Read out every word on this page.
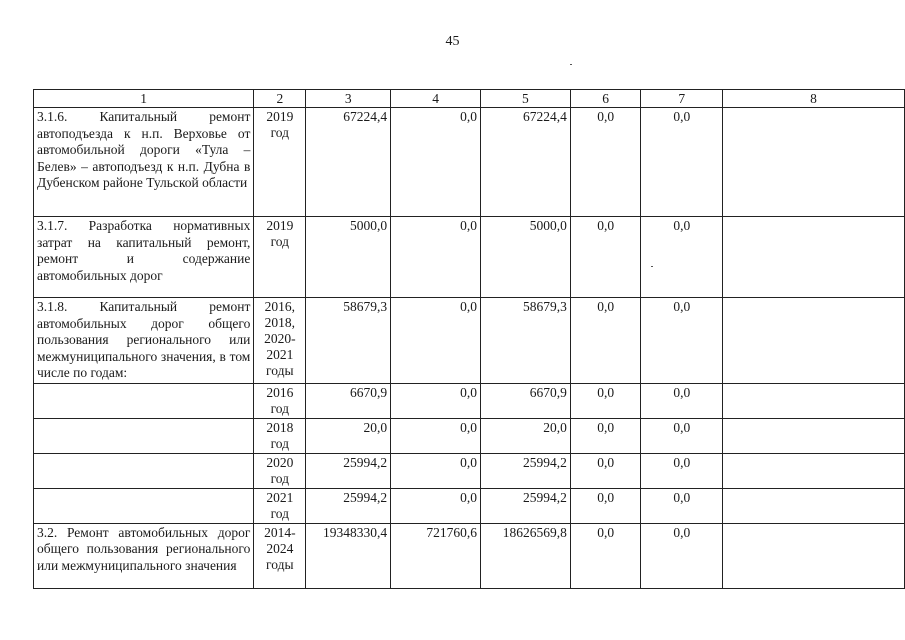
45
1	2	3	4	5	6	7	8
3.1.6. Капитальный ремонт автоподъезда к н.п. Верховье от автомобильной дороги «Тула – Белев» – автоподъезд к н.п. Дубна в Дубенском районе Тульской области	2019 год	67224,4	0,0	67224,4	0,0	0,0	
3.1.7. Разработка нормативных затрат на капитальный ремонт, ремонт и содержание автомобильных дорог	2019 год	5000,0	0,0	5000,0	0,0	0,0	
3.1.8. Капитальный ремонт автомобильных дорог общего пользования регионального или межмуниципального значения, в том числе по годам:	2016, 2018, 2020-2021 годы	58679,3	0,0	58679,3	0,0	0,0	
	2016 год	6670,9	0,0	6670,9	0,0	0,0	
	2018 год	20,0	0,0	20,0	0,0	0,0	
	2020 год	25994,2	0,0	25994,2	0,0	0,0	
	2021 год	25994,2	0,0	25994,2	0,0	0,0	
3.2. Ремонт автомобильных дорог общего пользования регионального или межмуниципального значения	2014-2024 годы	19348330,4	721760,6	18626569,8	0,0	0,0	
